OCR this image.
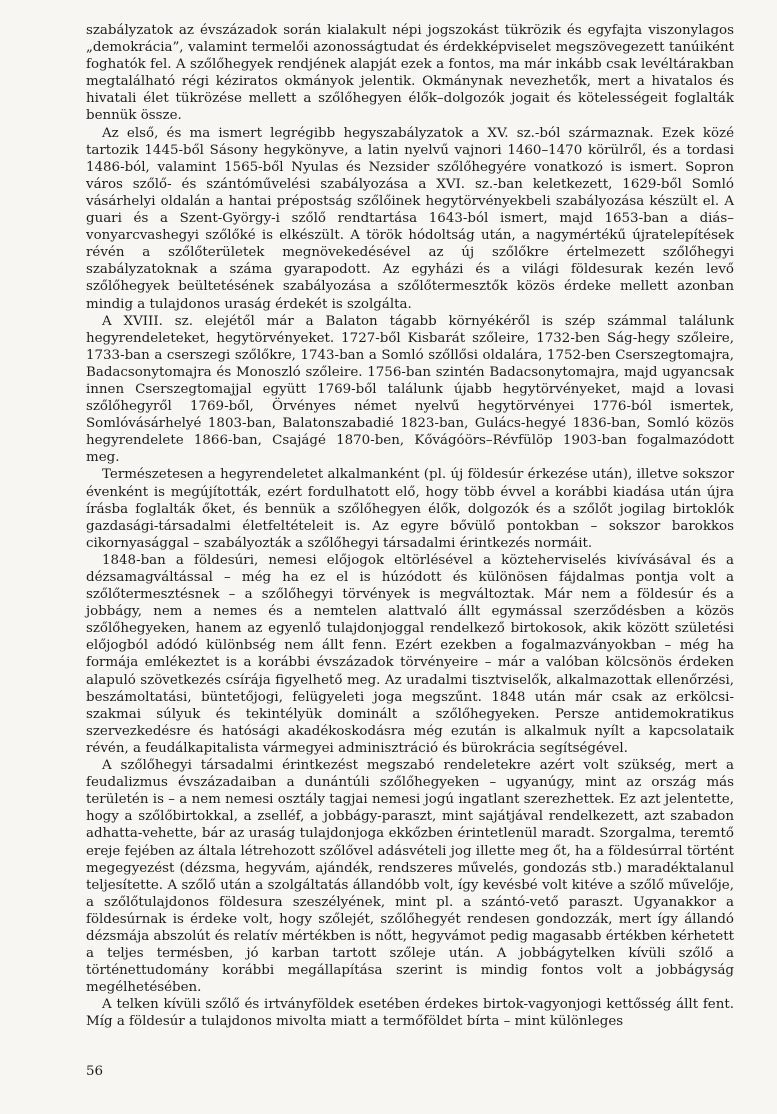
szabályzatok az évszázadok során kialakult népi jogszokást tükrözik és egyfajta viszonylagos „demokrácia”, valamint termelői azonosságtudat és érdekképviselet megszövegezett tanúiként foghatók fel. A szőlőhegyek rendjének alapját ezek a fontos, ma már inkább csak levéltárakban megtalálható régi kéziratos okmányok jelentik. Okmánynak nevezhetők, mert a hivatalos és hivatali élet tükrözése mellett a szőlőhegyen élők–dolgozók jogait és kötelességeit foglalták bennük össze.

Az első, és ma ismert legrégibb hegyszabályzatok a XV. sz.-ból származnak. Ezek közé tartozik 1445-ből Sásony hegykönyve, a latin nyelvű vajnori 1460–1470 körülről, és a tordasi 1486-ból, valamint 1565-ből Nyulas és Nezsider szőlőhegyére vonatkozó is ismert. Sopron város szőlő- és szántóművelési szabályozása a XVI. sz.-ban keletkezett, 1629-ből Somló vásárhelyi oldalán a hantai prépostság szőlőinek hegytörvényekbeli szabályozása készült el. A guari és a Szent-György-i szőlő rendtartása 1643-ból ismert, majd 1653-ban a diás–vonyarcvashegyi szőlőké is elkészült. A török hódoltság után, a nagymértékű újratelepítések révén a szőlőterületek megnövekedésével az új szőlőkre értelmezett szőlőhegyi szabályzatoknak a száma gyarapodott. Az egyházi és a világi földesurak kezén levő szőlőhegyek beültetésének szabályozása a szőlőtermesztők közös érdeke mellett azonban mindig a tulajdonos uraság érdekét is szolgálta.

A XVIII. sz. elejétől már a Balaton tágabb környékéről is szép számmal találunk hegyrendeleteket, hegytörvényeket. 1727-ből Kisbarát szőleire, 1732-ben Ság-hegy szőleire, 1733-ban a cserszegi szőlőkre, 1743-ban a Somló szőllősi oldalára, 1752-ben Cserszegtomajra, Badacsonytomajra és Monoszló szőleire. 1756-ban szintén Badacsonytomajra, majd ugyancsak innen Cserszegtomajjal együtt 1769-ből találunk újabb hegytörvényeket, majd a lovasi szőlőhegyről 1769-ből, Örvényes német nyelvű hegytörvényei 1776-ból ismertek, Somlóvásárhelyé 1803-ban, Balatonszabadié 1823-ban, Gulács-hegyé 1836-ban, Somló közös hegyrendelete 1866-ban, Csajágé 1870-ben, Kővágóörs–Révfülöp 1903-ban fogalmazódott meg.

Természetesen a hegyrendeletet alkalmanként (pl. új földesúr érkezése után), illetve sokszor évenként is megújították, ezért fordulhatott elő, hogy több évvel a korábbi kiadása után újra írásba foglalták őket, és bennük a szőlőhegyen élők, dolgozók és a szőlőt jogilag birtoklók gazdasági-társadalmi életfeltételeit is. Az egyre bővülő pontokban – sokszor barokkos cikornyasággal – szabályozták a szőlőhegyi társadalmi érintkezés normáit.

1848-ban a földesúri, nemesi előjogok eltörlésével a közteherviselés kivívásával és a dézsamagváltással – még ha ez el is húzódott és különösen fájdalmas pontja volt a szőlőtermesztésnek – a szőlőhegyi törvények is megváltoztak. Már nem a földesúr és a jobbágy, nem a nemes és a nemtelen alattvaló állt egymással szerződésben a közös szőlőhegyeken, hanem az egyenlő tulajdonjoggal rendelkező birtokosok, akik között születési előjogból adódó különbség nem állt fenn. Ezért ezekben a fogalmazványokban – még ha formája emlékeztet is a korábbi évszázadok törvényeire – már a valóban kölcsönös érdeken alapuló szövetkezés csírája figyelhető meg. Az uradalmi tisztviselők, alkalmazottak ellenőrzési, beszámoltatási, büntetőjogi, felügyeleti joga megszűnt. 1848 után már csak az erkölcsi-szakmai súlyuk és tekintélyük dominált a szőlőhegyeken. Persze antidemokratikus szervezkedésre és hatósági akadékoskodásra még ezután is alkalmuk nyílt a kapcsolataik révén, a feudálkapitalista vármegyei adminisztráció és bürokrácia segítségével.

A szőlőhegyi társadalmi érintkezést megszabó rendeletekre azért volt szükség, mert a feudalizmus évszázadaiban a dunántúli szőlőhegyeken – ugyanúgy, mint az ország más területén is – a nem nemesi osztály tagjai nemesi jogú ingatlant szerezhettek. Ez azt jelentette, hogy a szőlőbirtokkal, a zselléf, a jobbágy-paraszt, mint sajátjával rendelkezett, azt szabadon adhatta-vehette, bár az uraság tulajdonjoga ekkőzben érintetlenül maradt. Szorgalma, teremtő ereje fejében az általa létrehozott szőlővel adásvételi jog illette meg őt, ha a földesúrral történt megegyezést (dézsma, hegyvám, ajándék, rendszeres művelés, gondozás stb.) maradéktalanul teljesítette. A szőlő után a szolgáltatás állandóbb volt, így kevésbé volt kitéve a szőlő művelője, a szőlőtulajdonos földesura szeszélyének, mint pl. a szántó-vető paraszt. Ugyanakkor a földesúrnak is érdeke volt, hogy szőlejét, szőlőhegyét rendesen gondozzák, mert így állandó dézsmája abszolút és relatív mértékben is nőtt, hegyvámot pedig magasabb értékben kérhetett a teljes termésben, jó karban tartott szőleje után. A jobbágytelken kívüli szőlő a történettudomány korábbi megállapítása szerint is mindig fontos volt a jobbágyság megélhetésében.

A telken kívüli szőlő és irtványföldek esetében érdekes birtok-vagyonjogi kettősség állt fent. Míg a földesúr a tulajdonos mivolta miatt a termőföldet bírta – mint különleges

56
